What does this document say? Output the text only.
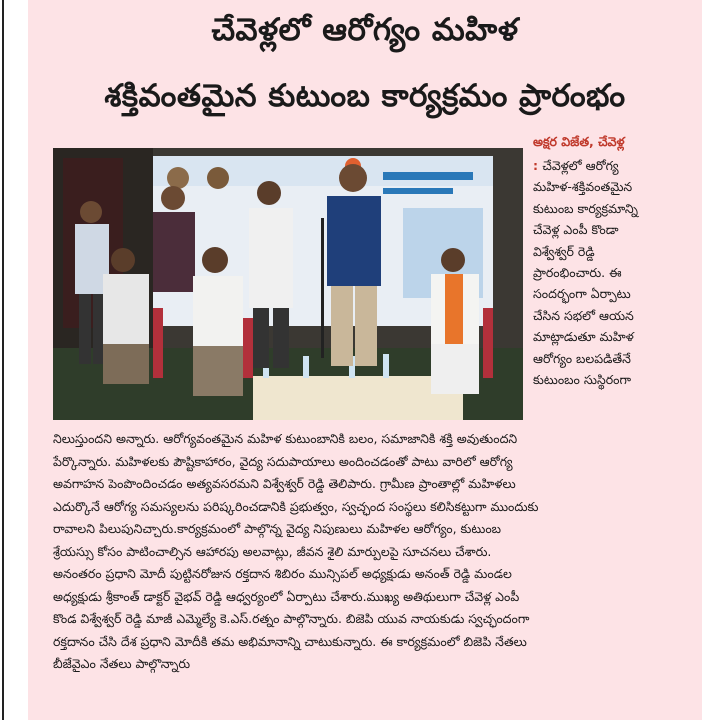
చేవెళ్లలో ఆరోగ్యం మహిళ
శక్తివంతమైన కుటుంబ కార్యక్రమం ప్రారంభం
అక్షర విజేత, చేవెళ్ల
: చేవెళ్లలో ఆరోగ్య
మహిళ-శక్తివంతమైన
కుటుంబ కార్యక్రమాన్ని
చేవెళ్ల ఎంపీ కొండా
విశ్వేశ్వర్ రెడ్డి
ప్రారంభించారు. ఈ
సందర్భంగా ఏర్పాటు
చేసిన సభలో ఆయన
మాట్లాడుతూ మహిళ
ఆరోగ్యం బలపడితేనే
కుటుంబం సుస్థిరంగా
నిలుస్తుందని అన్నారు. ఆరోగ్యవంతమైన మహిళ కుటుంబానికి బలం, సమాజానికి శక్తి అవుతుందని
పేర్కొన్నారు. మహిళలకు పౌష్టికాహారం, వైద్య సదుపాయాలు అందించడంతో పాటు వారిలో ఆరోగ్య
అవగాహన పెంపొందించడం అత్యవసరమని విశ్వేశ్వర్ రెడ్డి తెలిపారు. గ్రామీణ ప్రాంతాల్లో మహిళలు
ఎదుర్కొనే ఆరోగ్య సమస్యలను పరిష్కరించడానికి ప్రభుత్వం, స్వచ్ఛంద సంస్థలు కలిసికట్టుగా ముందుకు
రావాలని పిలుపునిచ్చారు.కార్యక్రమంలో పాల్గొన్న వైద్య నిపుణులు మహిళల ఆరోగ్యం, కుటుంబ
శ్రేయస్సు కోసం పాటించాల్సిన ఆహారపు అలవాట్లు, జీవన శైలి మార్పులపై సూచనలు చేశారు.
అనంతరం ప్రధాని మోదీ పుట్టినరోజున రక్తదాన శిబిరం మున్సిపల్ అధ్యక్షుడు అనంత్ రెడ్డి మండల
అధ్యక్షుడు శ్రీకాంత్ డాక్టర్ వైభవ్ రెడ్డి ఆధ్వర్యంలో ఏర్పాటు చేశారు.ముఖ్య అతిథులుగా చేవెళ్ల ఎంపీ
కొండ విశ్వేశ్వర్ రెడ్డి మాజీ ఎమ్మెల్యే కె.ఎస్.రత్నం పాల్గొన్నారు. బిజెపి యువ నాయకుడు స్వచ్ఛందంగా
రక్తదానం చేసి దేశ ప్రధాని మోదీకి తమ అభిమానాన్ని చాటుకున్నారు. ఈ కార్యక్రమంలో బిజెపి నేతలు
బీజేవైఎం నేతలు పాల్గొన్నారు
